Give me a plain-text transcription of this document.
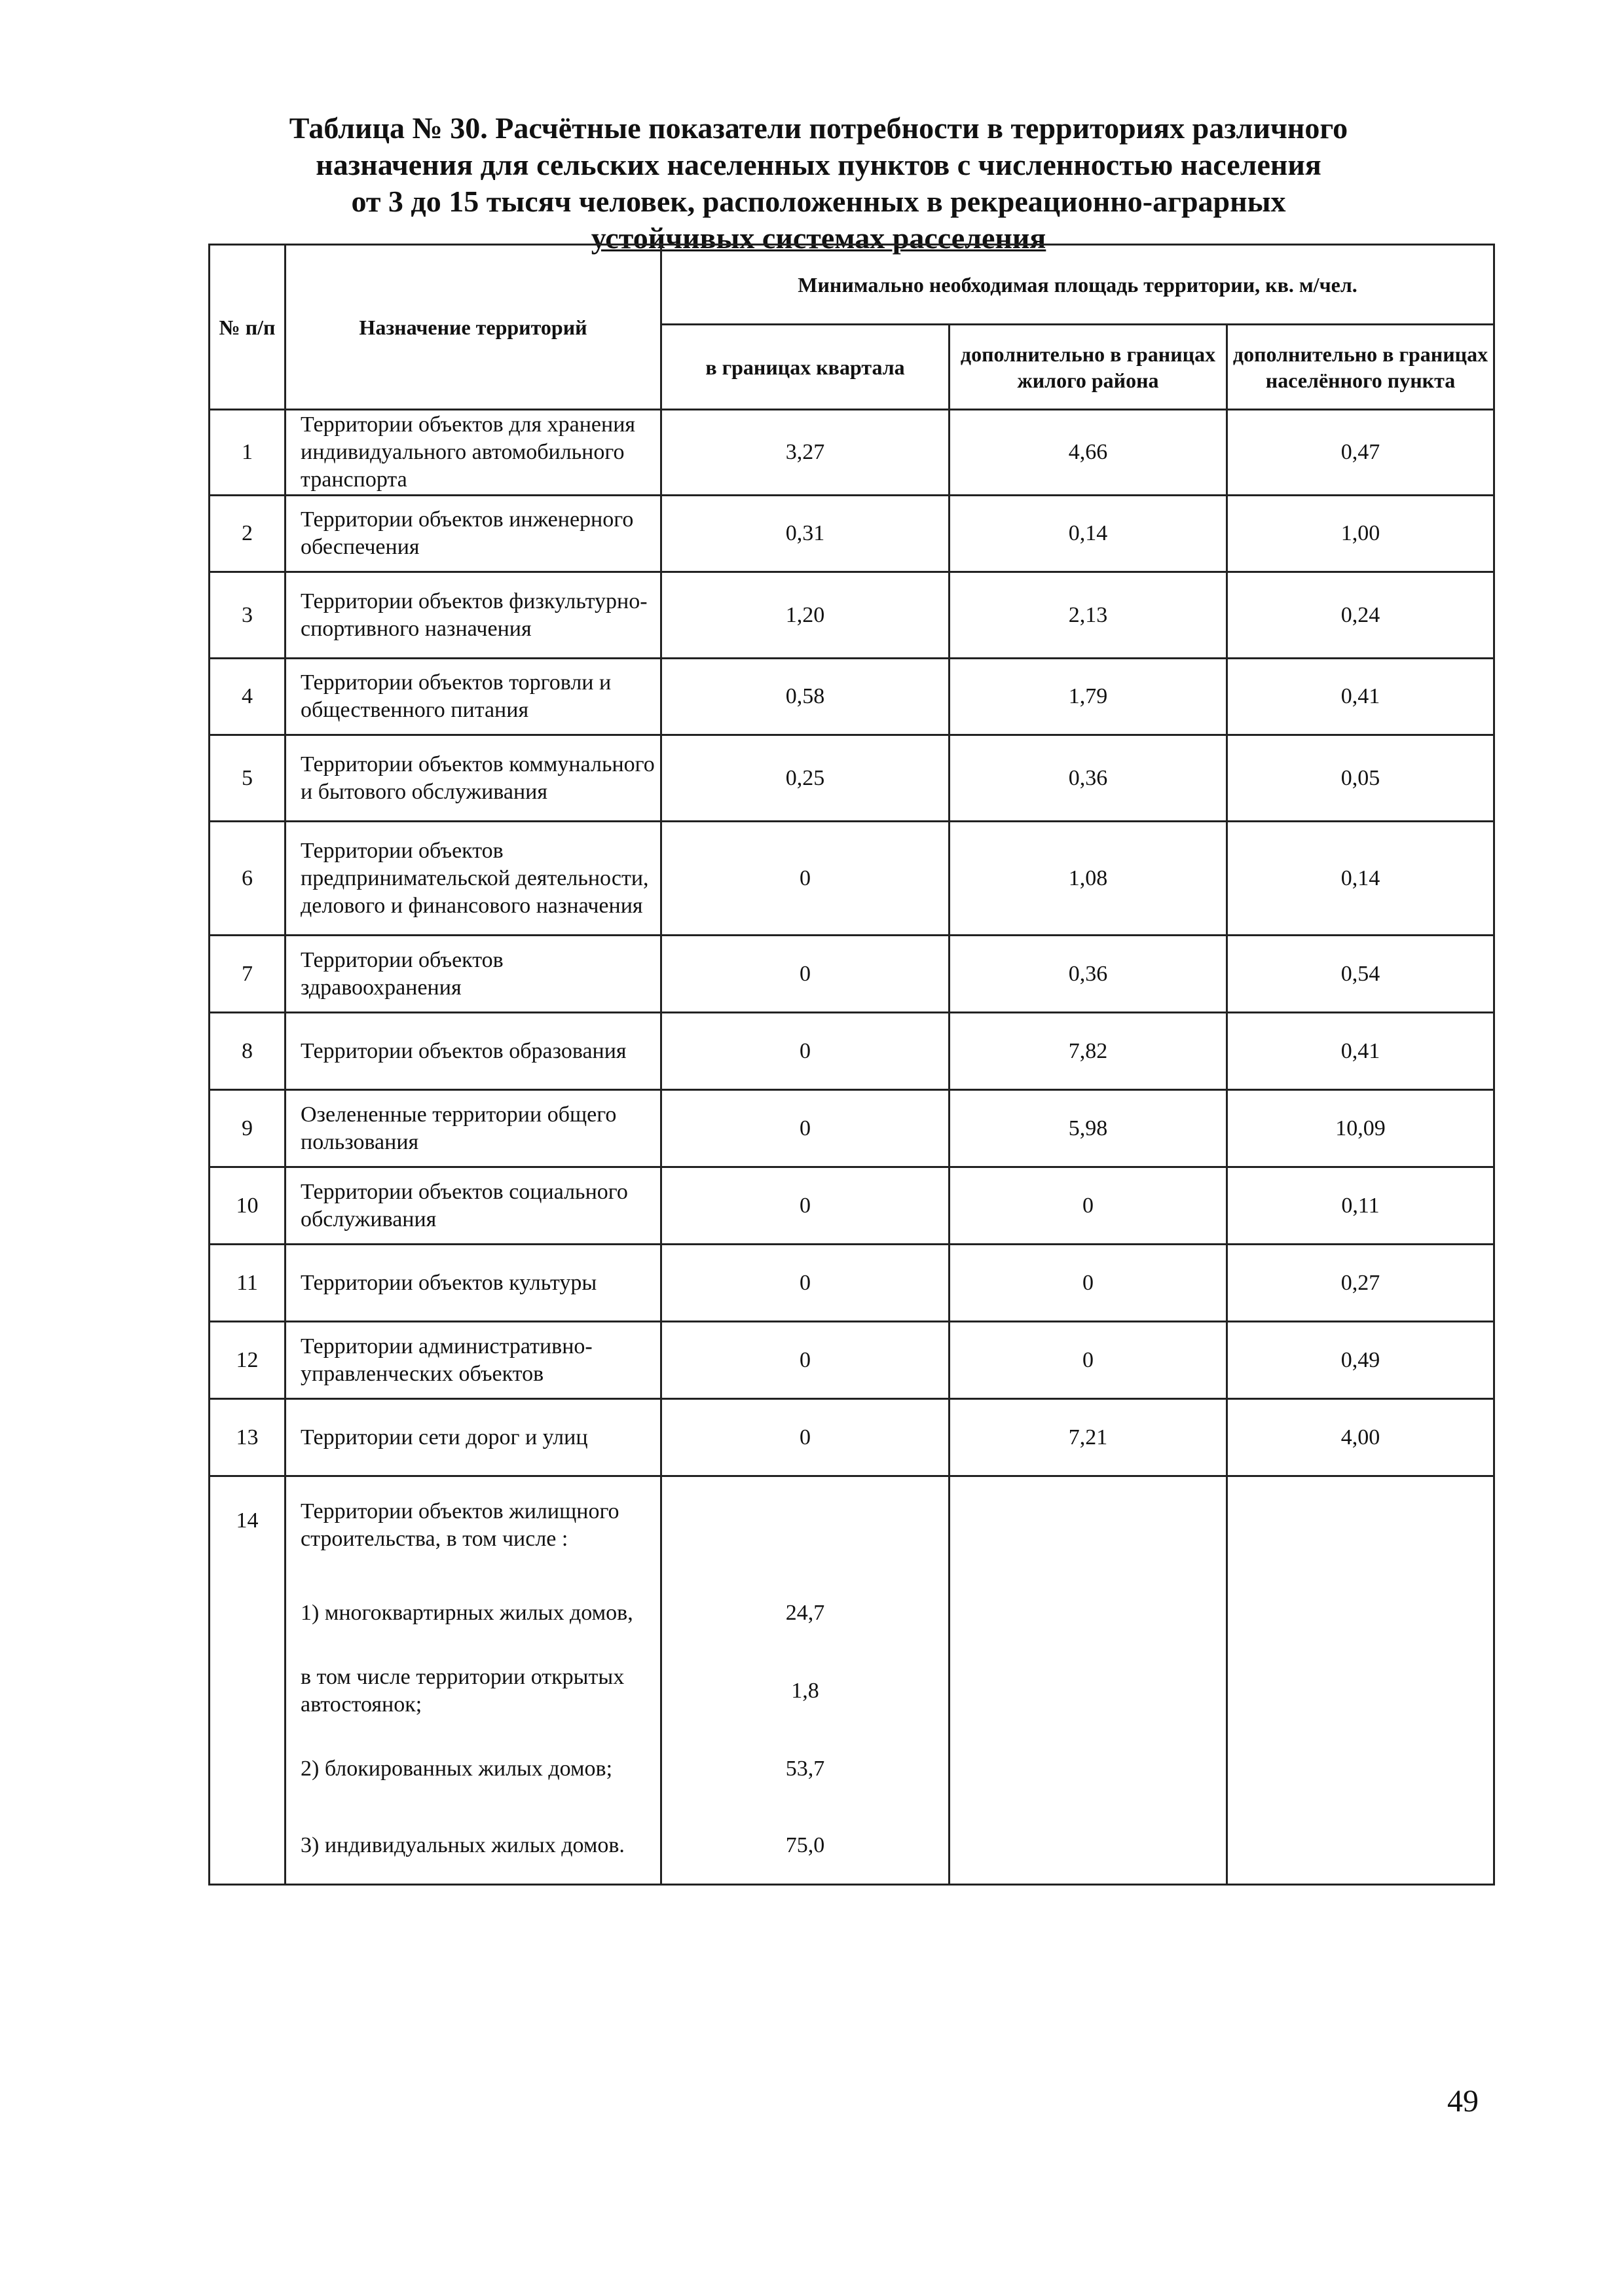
Таблица № 30. Расчётные показатели потребности в территориях различного
назначения для сельских населенных пунктов с численностью населения
от 3 до 15 тысяч человек, расположенных в рекреационно-аграрных
устойчивых системах расселения
№ п/п	Назначение территорий	Минимально необходимая площадь территории, кв. м/чел.		
		в границах квартала	дополнительно в границах жилого района	дополнительно в границах населённого пункта
1	Территории объектов для хранения индивидуального автомобильного транспорта	3,27	4,66	0,47
2	Территории объектов инженерного обеспечения	0,31	0,14	1,00
3	Территории объектов физкультурно-спортивного назначения	1,20	2,13	0,24
4	Территории объектов торговли и общественного питания	0,58	1,79	0,41
5	Территории объектов коммунального и бытового обслуживания	0,25	0,36	0,05
6	Территории объектов предпринимательской деятельности, делового и финансового назначения	0	1,08	0,14
7	Территории объектов здравоохранения	0	0,36	0,54
8	Территории объектов образования	0	7,82	0,41
9	Озелененные территории общего пользования	0	5,98	10,09
10	Территории объектов социального обслуживания	0	0	0,11
11	Территории объектов культуры	0	0	0,27
12	Территории административно-управленческих объектов	0	0	0,49
13	Территории сети дорог и улиц	0	7,21	4,00
14	Территории объектов жилищного строительства, в том числе :			
	1) многоквартирных жилых домов,	24,7		
	в том числе территории открытых автостоянок;	1,8		
	2) блокированных жилых домов;	53,7		
	3) индивидуальных жилых домов.	75,0		
49
